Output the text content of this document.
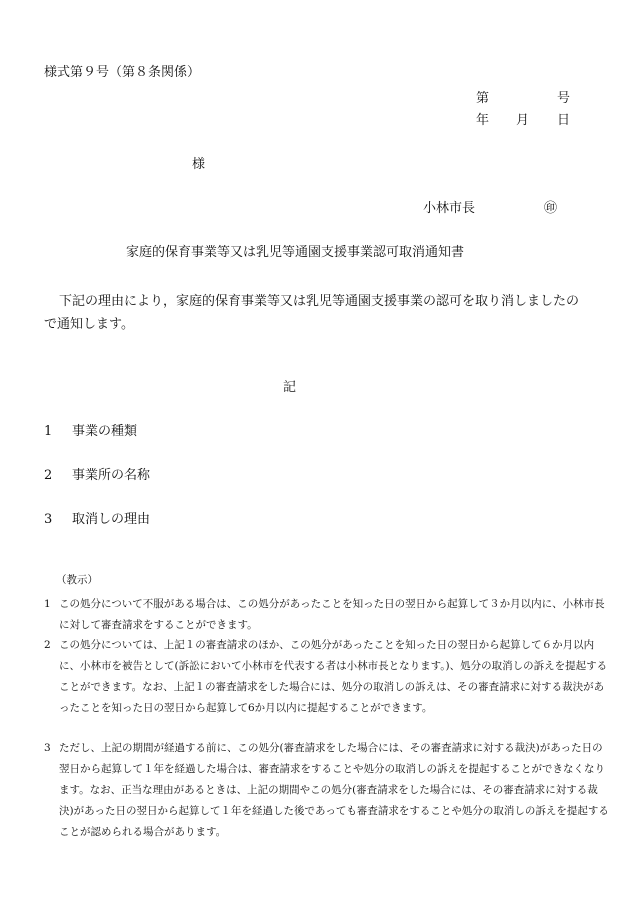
様式第９号（第８条関係）
第	号
年 月 日
様
小林市長	㊞
家庭的保育事業等又は乳児等通園支援事業認可取消通知書
下記の理由により，家庭的保育事業等又は乳児等通園支援事業の認可を取り消しましたので通知します。
記
1 事業の種類
2 事業所の名称
3 取消しの理由
（教示）
1 この処分について不服がある場合は、この処分があったことを知った日の翌日から起算して３か月以内に、小林市長に対して審査請求をすることができます。
2 この処分については、上記１の審査請求のほか、この処分があったことを知った日の翌日から起算して６か月以内に、小林市を被告として(訴訟において小林市を代表する者は小林市長となります。)、処分の取消しの訴えを提起することができます。なお、上記１の審査請求をした場合には、処分の取消しの訴えは、その審査請求に対する裁決があったことを知った日の翌日から起算して6か月以内に提起することができます。
3 ただし、上記の期間が経過する前に、この処分(審査請求をした場合には、その審査請求に対する裁決)があった日の翌日から起算して１年を経過した場合は、審査請求をすることや処分の取消しの訴えを提起することができなくなります。なお、正当な理由があるときは、上記の期間やこの処分(審査請求をした場合には、その審査請求に対する裁決)があった日の翌日から起算して１年を経過した後であっても審査請求をすることや処分の取消しの訴えを提起することが認められる場合があります。
